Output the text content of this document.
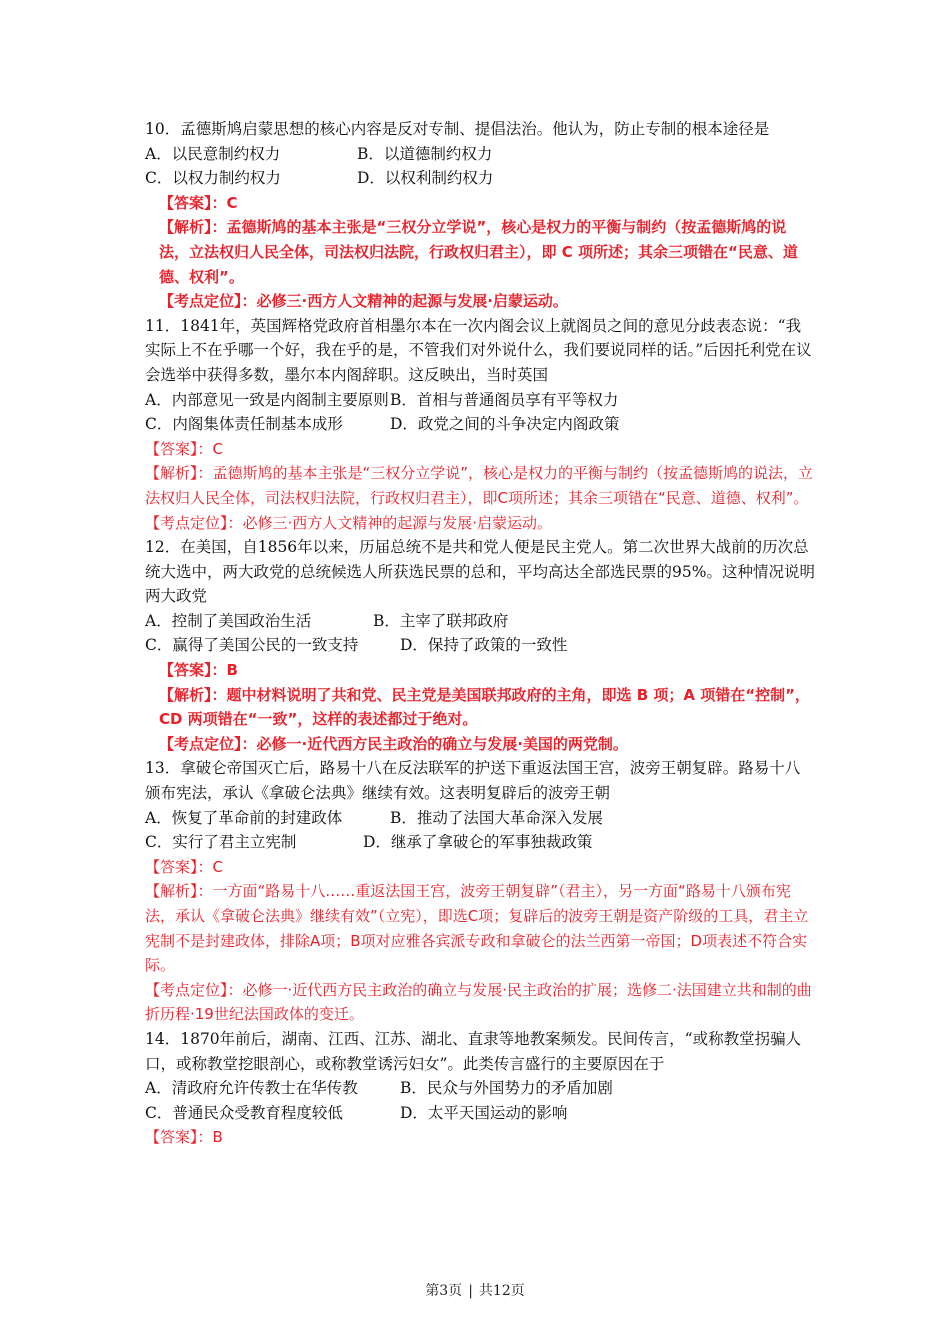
10．孟德斯鸠启蒙思想的核心内容是反对专制、提倡法治。他认为，防止专制的根本途径是

A．以民意制约权力	B．以道德制约权力
C．以权力制约权力	D．以权利制约权力

【答案】：C

【解析】：孟德斯鸠的基本主张是“三权分立学说”，核心是权力的平衡与制约（按孟德斯鸠的说法，立法权归人民全体，司法权归法院，行政权归君主），即 C 项所述；其余三项错在“民意、道德、权利”。

【考点定位】：必修三·西方人文精神的起源与发展·启蒙运动。

11．1841年，英国辉格党政府首相墨尔本在一次内阁会议上就阁员之间的意见分歧表态说：“我实际上不在乎哪一个好，我在乎的是，不管我们对外说什么，我们要说同样的话。”后因托利党在议会选举中获得多数，墨尔本内阁辞职。这反映出，当时英国

A．内部意见一致是内阁制主要原则 B．首相与普通阁员享有平等权力
C．内阁集体责任制基本成形	D．政党之间的斗争决定内阁政策

【答案】：C

【解析】：孟德斯鸠的基本主张是“三权分立学说”，核心是权力的平衡与制约（按孟德斯鸠的说法，立法权归人民全体，司法权归法院，行政权归君主），即C项所述；其余三项错在“民意、道德、权利”。

【考点定位】：必修三·西方人文精神的起源与发展·启蒙运动。

12．在美国，自1856年以来，历届总统不是共和党人便是民主党人。第二次世界大战前的历次总统大选中，两大政党的总统候选人所获选民票的总和，平均高达全部选民票的95%。这种情况说明两大政党

A．控制了美国政治生活	B．主宰了联邦政府
C．赢得了美国公民的一致支持	D．保持了政策的一致性

【答案】：B

【解析】：题中材料说明了共和党、民主党是美国联邦政府的主角，即选 B 项；A 项错在“控制”，CD 两项错在“一致”，这样的表述都过于绝对。

【考点定位】：必修一·近代西方民主政治的确立与发展·美国的两党制。

13．拿破仑帝国灭亡后，路易十八在反法联军的护送下重返法国王宫，波旁王朝复辟。路易十八颁布宪法，承认《拿破仑法典》继续有效。这表明复辟后的波旁王朝

A．恢复了革命前的封建政体	B．推动了法国大革命深入发展
C．实行了君主立宪制	D．继承了拿破仑的军事独裁政策

【答案】：C

【解析】：一方面“路易十八……重返法国王宫，波旁王朝复辟”（君主），另一方面“路易十八颁布宪法，承认《拿破仑法典》继续有效”（立宪），即选C项；复辟后的波旁王朝是资产阶级的工具，君主立宪制不是封建政体，排除A项；B项对应雅各宾派专政和拿破仑的法兰西第一帝国；D项表述不符合实际。

【考点定位】：必修一·近代西方民主政治的确立与发展·民主政治的扩展；选修二·法国建立共和制的曲折历程·19世纪法国政体的变迁。

14．1870年前后，湖南、江西、江苏、湖北、直隶等地教案频发。民间传言，“或称教堂拐骗人口，或称教堂挖眼剖心，或称教堂诱污妇女”。此类传言盛行的主要原因在于

A．清政府允许传教士在华传教	B．民众与外国势力的矛盾加剧
C．普通民众受教育程度较低	D．太平天国运动的影响

【答案】：B

第3页 | 共12页
